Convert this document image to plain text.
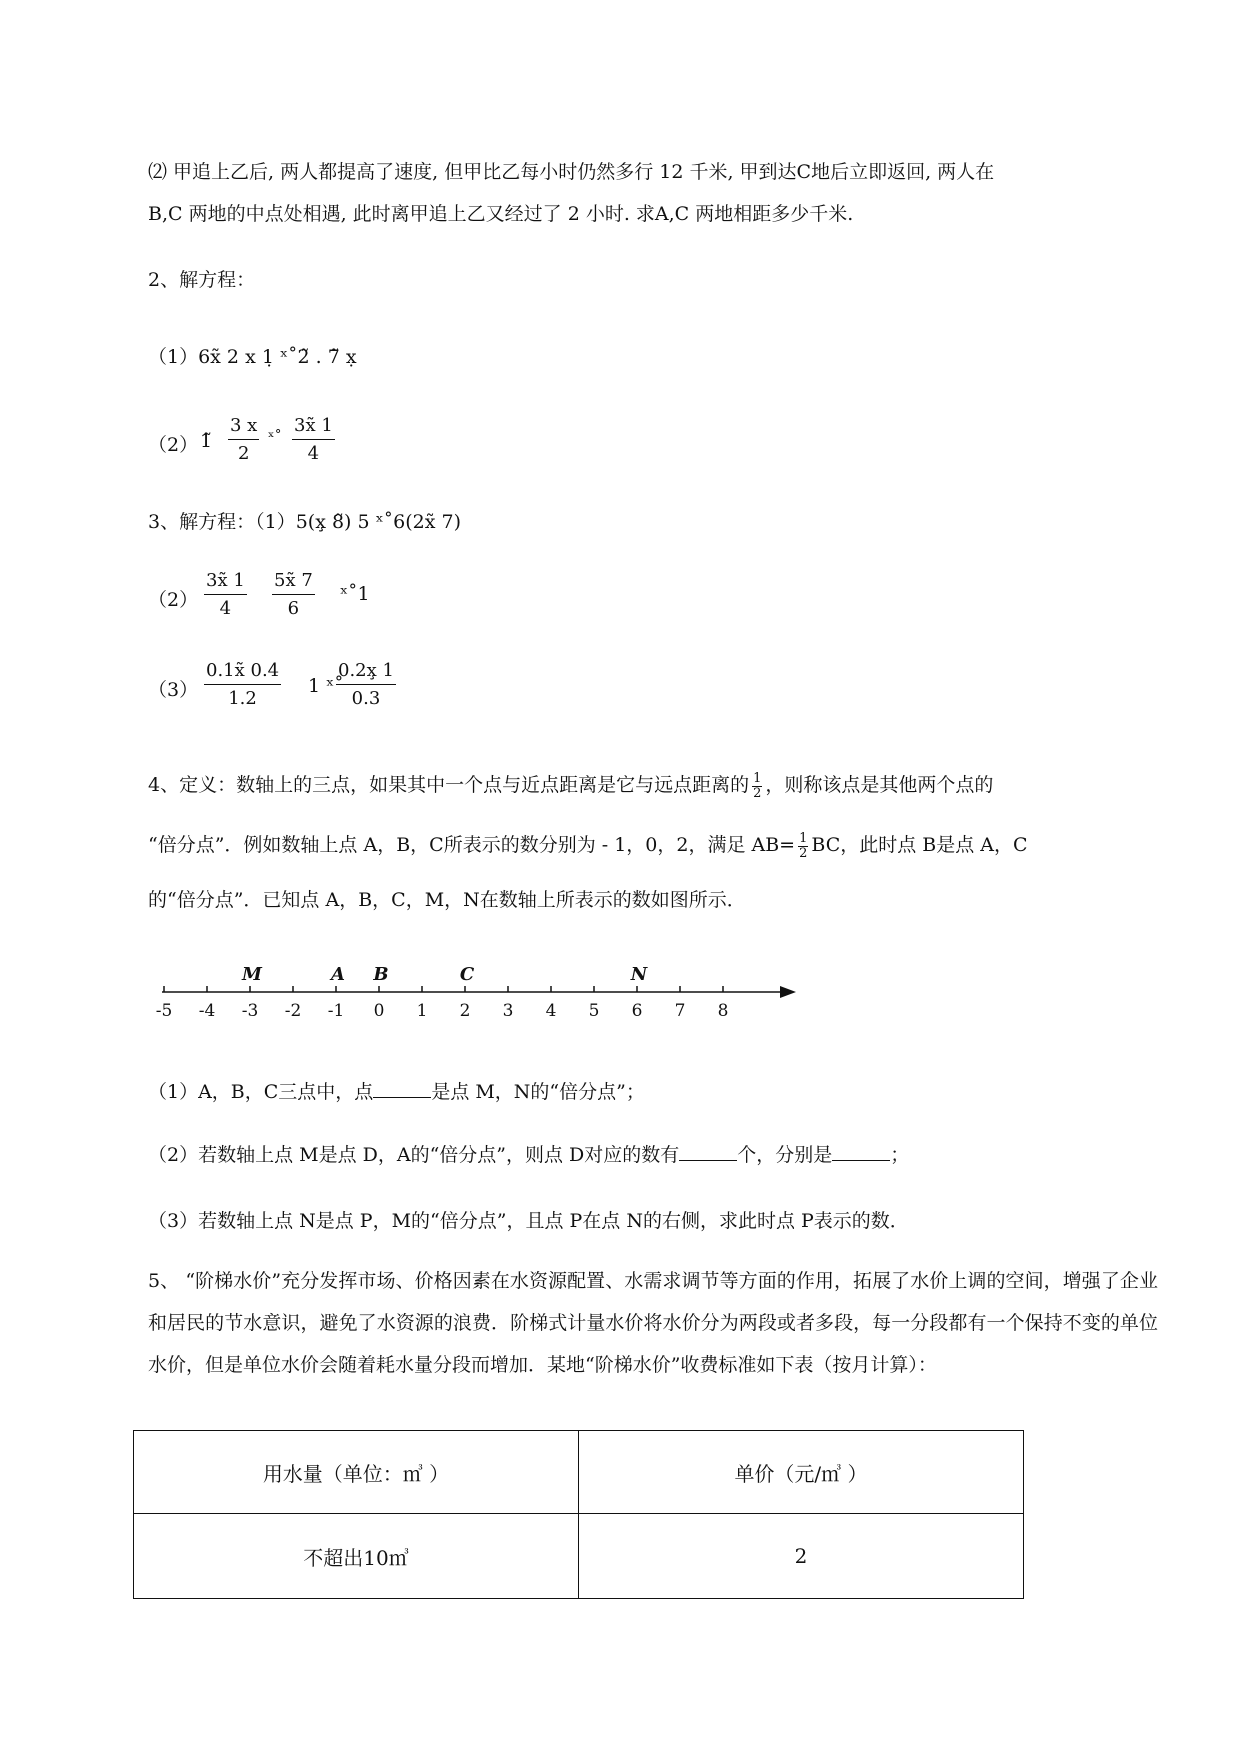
⑵ 甲追上乙后, 两人都提高了速度, 但甲比乙每小时仍然多行 12 千米, 甲到达C地后立即返回, 两人在
B,C 两地的中点处相遇, 此时离甲追上乙又经过了 2 小时. 求A,C 两地相距多少千米.
2、解方程：
（1）6x̃ 2 x 1̣ ˣ˚2̃ . 7̃ x̣
（2） 1̃ $\frac{3 x}{2}$ ˣ˚ $\frac{3x̃ 1}{4}$
3、解方程：（1）5(x̧ 8̃) 5 ˣ˚6(2x̃ 7)
$(2) \frac{3x̃ 1}{4} \frac{5x̃ 7}{6}$ ˣ˚1
$(3) \frac{0.1x̃ 0.4}{1.2} 1$ ˣ˚
$\frac{0.2x̧ 1}{0.3}$
4、定义：数轴上的三点，如果其中一个点与近点距离是它与远点距离的 $\frac{1}{2}$ ，则称该点是其他两个点的
“倍分点”．例如数轴上点 A，B，C所表示的数分别为 - 1，0，2，满足 $AB= \frac{1}{2}$ BC，此时点 B是点 A，C
的“倍分点”．已知点 A，B，C，M，N在数轴上所表示的数如图所示．
-5 -4 -3 -2 -1 0 1 2 3 4 5 6 7 8
M	A B	C	N
（1）A，B，C三点中，点	是点 M，N的“倍分点”；
（2）若数轴上点 M是点 D，A的“倍分点”，则点 D对应的数有	个，分别是	；
（3）若数轴上点 N是点 P，M的“倍分点”，且点 P在点 N的右侧，求此时点 P表示的数．
5、 “阶梯水价”充分发挥市场、价格因素在水资源配置、水需求调节等方面的作用，拓展了水价上调的空间，增强了企业和居民的节水意识，避免了水资源的浪费．阶梯式计量水价将水价分为两段或者多段，每一分段都有一个保持不变的单位水价，但是单位水价会随着耗水量分段而增加．某地“阶梯水价”收费标准如下表（按月计算）：
用水量（单位：㎥ ）	单价（元/㎥ ）
不超出10㎥	2
